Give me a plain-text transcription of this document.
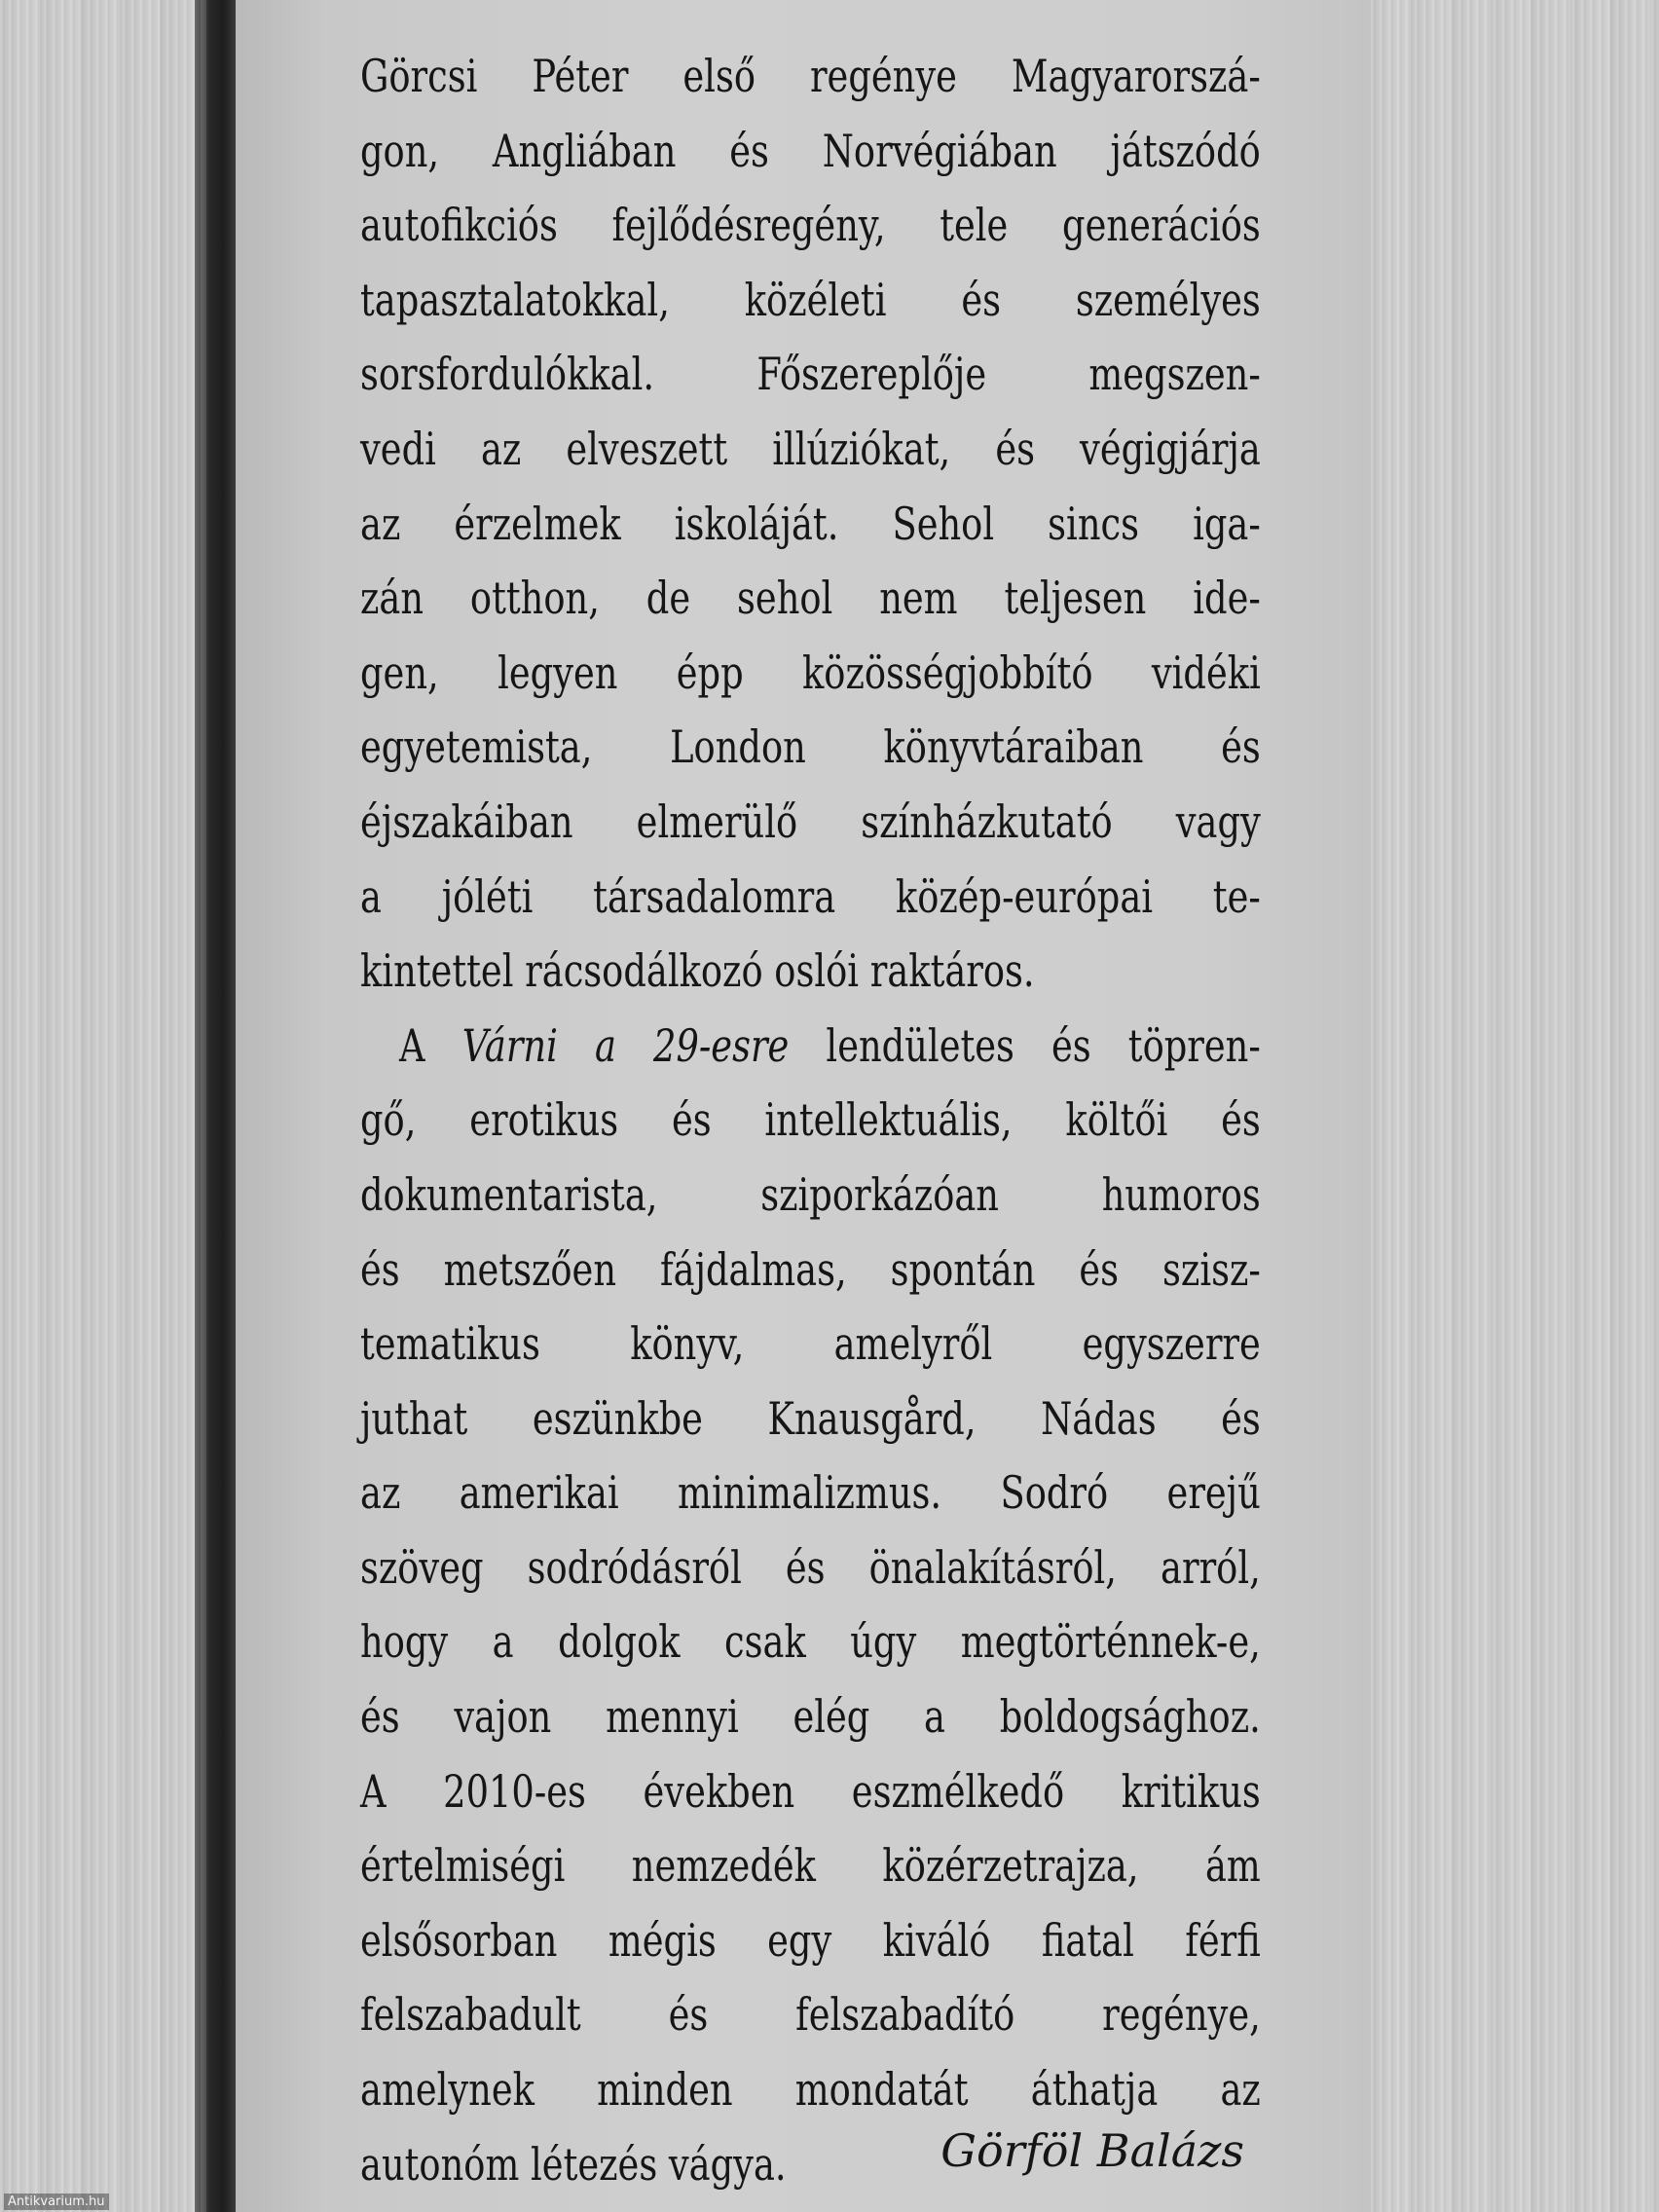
Görcsi Péter első regénye Magyarorszá-
gon, Angliában és Norvégiában játszódó
autofikciós fejlődésregény, tele generációs
tapasztalatokkal, közéleti és személyes
sorsfordulókkal. Főszereplője megszen-
vedi az elveszett illúziókat, és végigjárja
az érzelmek iskoláját. Sehol sincs iga-
zán otthon, de sehol nem teljesen ide-
gen, legyen épp közösségjobbító vidéki
egyetemista, London könyvtáraiban és
éjszakáiban elmerülő színházkutató vagy
a jóléti társadalomra közép-európai te-
kintettel rácsodálkozó oslói raktáros.
A Várni a 29-esre lendületes és töpren-
gő, erotikus és intellektuális, költői és
dokumentarista, sziporkázóan humoros
és metszően fájdalmas, spontán és szisz-
tematikus könyv, amelyről egyszerre
juthat eszünkbe Knausgård, Nádas és
az amerikai minimalizmus. Sodró erejű
szöveg sodródásról és önalakításról, arról,
hogy a dolgok csak úgy megtörténnek-e,
és vajon mennyi elég a boldogsághoz.
A 2010-es években eszmélkedő kritikus
értelmiségi nemzedék közérzetrajza, ám
elsősorban mégis egy kiváló fiatal férfi
felszabadult és felszabadító regénye,
amelynek minden mondatát áthatja az
autonóm létezés vágya.	Görföl Balázs
Antikvarium.hu
